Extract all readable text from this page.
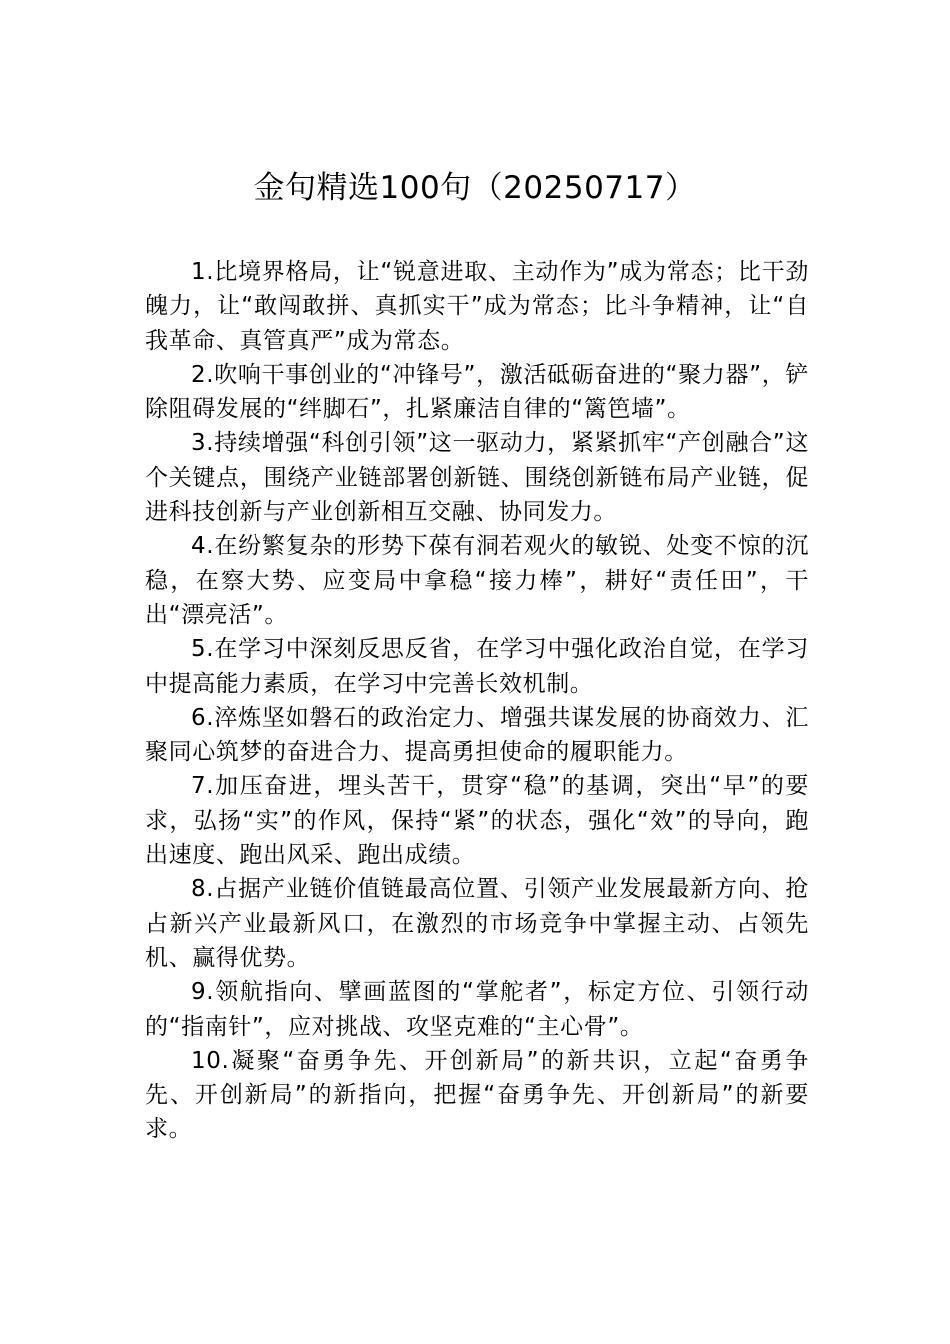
金句精选100句（20250717）

1.比境界格局，让“锐意进取、主动作为”成为常态；比干劲魄力，让“敢闯敢拼、真抓实干”成为常态；比斗争精神，让“自我革命、真管真严”成为常态。

2.吹响干事创业的“冲锋号”，激活砥砺奋进的“聚力器”，铲除阻碍发展的“绊脚石”，扎紧廉洁自律的“篱笆墙”。

3.持续增强“科创引领”这一驱动力，紧紧抓牢“产创融合”这个关键点，围绕产业链部署创新链、围绕创新链布局产业链，促进科技创新与产业创新相互交融、协同发力。

4.在纷繁复杂的形势下葆有洞若观火的敏锐、处变不惊的沉稳，在察大势、应变局中拿稳“接力棒”，耕好“责任田”，干出“漂亮活”。

5.在学习中深刻反思反省，在学习中强化政治自觉，在学习中提高能力素质，在学习中完善长效机制。

6.淬炼坚如磐石的政治定力、增强共谋发展的协商效力、汇聚同心筑梦的奋进合力、提高勇担使命的履职能力。

7.加压奋进，埋头苦干，贯穿“稳”的基调，突出“早”的要求，弘扬“实”的作风，保持“紧”的状态，强化“效”的导向，跑出速度、跑出风采、跑出成绩。

8.占据产业链价值链最高位置、引领产业发展最新方向、抢占新兴产业最新风口，在激烈的市场竞争中掌握主动、占领先机、赢得优势。

9.领航指向、擘画蓝图的“掌舵者”，标定方位、引领行动的“指南针”，应对挑战、攻坚克难的“主心骨”。

10.凝聚“奋勇争先、开创新局”的新共识，立起“奋勇争先、开创新局”的新指向，把握“奋勇争先、开创新局”的新要求。
